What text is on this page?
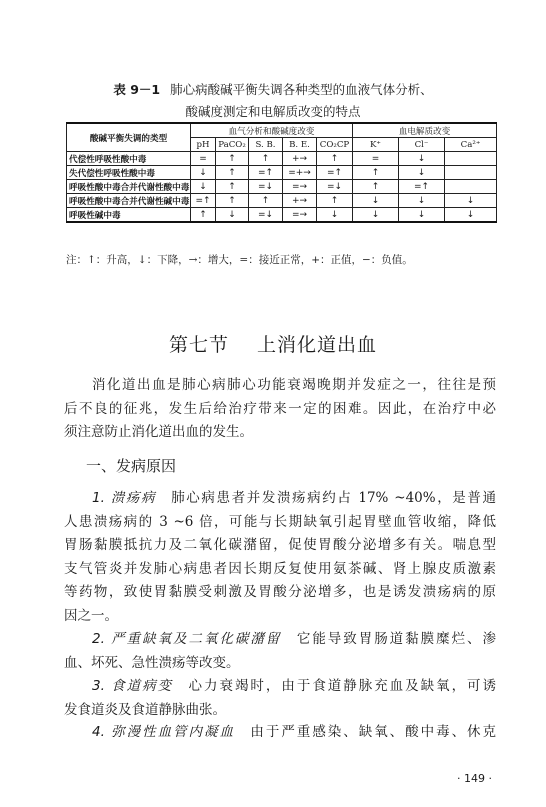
表 9－1 肺心病酸碱平衡失调各种类型的血液气体分析、
酸碱度测定和电解质改变的特点
酸碱平衡失调的类型	血气分析和酸碱度改变					血电解质改变		
	pH	PaCO₂	S. B.	B. E.	CO₂CP	K⁺	Cl⁻	Ca²⁺
代偿性呼吸性酸中毒	=	↑	↑	+→	↑	=	↓	
失代偿性呼吸性酸中毒	↓	↑	=↑	=+→	=↑	↑	↓	
呼吸性酸中毒合并代谢性酸中毒	↓	↑	=↓	=→	=↓	↑	=↑	
呼吸性酸中毒合并代谢性碱中毒	=↑	↑	↑	+→	↑	↓	↓	↓
呼吸性碱中毒	↑	↓	=↓	=→	↓	↓	↓	↓
注：↑：升高，↓：下降，→：增大，=：接近正常，+：正值，−：负值。
第七节 上消化道出血
消化道出血是肺心病肺心功能衰竭晚期并发症之一，往往是预
后不良的征兆，发生后给治疗带来一定的困难。因此，在治疗中必
须注意防止消化道出血的发生。
一、发病原因
1. 溃疡病　 肺心病患者并发溃疡病约占 17% ~40%，是普通
人患溃疡病的 3 ~6 倍，可能与长期缺氧引起胃壁血管收缩，降低
胃肠黏膜抵抗力及二氧化碳潴留，促使胃酸分泌增多有关。喘息型
支气管炎并发肺心病患者因长期反复使用氨茶碱、肾上腺皮质激素
等药物，致使胃黏膜受刺激及胃酸分泌增多，也是诱发溃疡病的原
因之一。
2. 严重缺氧及二氧化碳潴留　 它能导致胃肠道黏膜糜烂、渗
血、坏死、急性溃疡等改变。
3. 食道病变　 心力衰竭时，由于食道静脉充血及缺氧，可诱
发食道炎及食道静脉曲张。
4. 弥漫性血管内凝血　 由于严重感染、缺氧、酸中毒、休克
· 149 ·
